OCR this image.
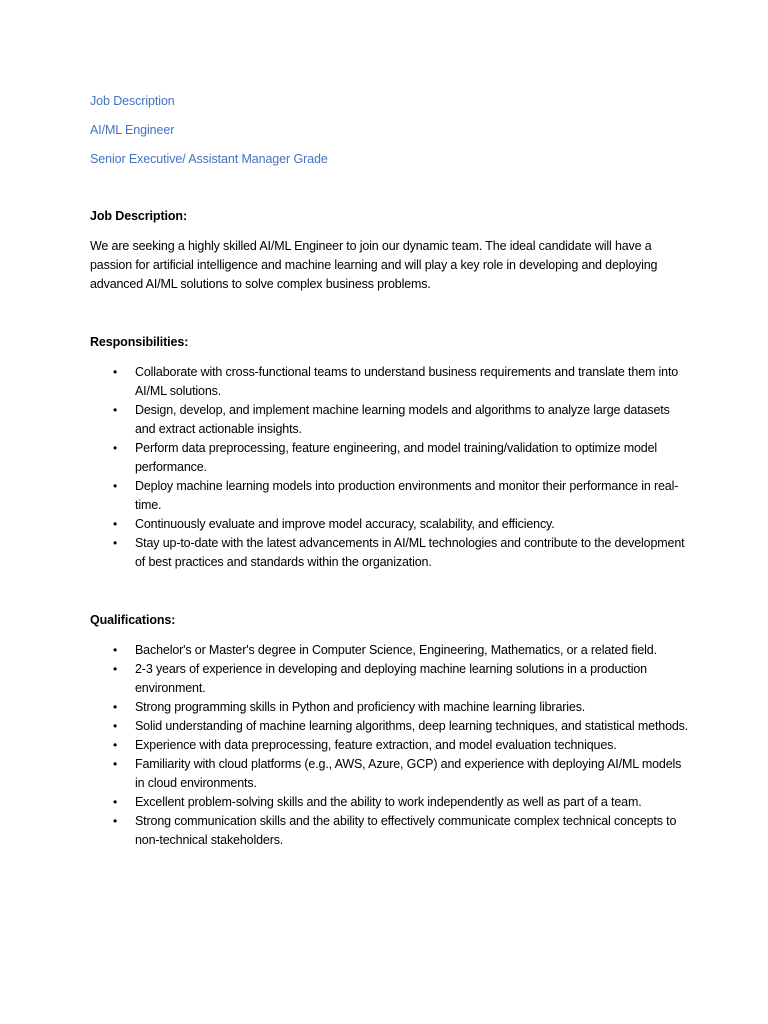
Job Description
AI/ML Engineer
Senior Executive/ Assistant Manager Grade
Job Description:
We are seeking a highly skilled AI/ML Engineer to join our dynamic team. The ideal candidate will have a passion for artificial intelligence and machine learning and will play a key role in developing and deploying advanced AI/ML solutions to solve complex business problems.
Responsibilities:
• Collaborate with cross-functional teams to understand business requirements and translate them into AI/ML solutions.
• Design, develop, and implement machine learning models and algorithms to analyze large datasets and extract actionable insights.
• Perform data preprocessing, feature engineering, and model training/validation to optimize model performance.
• Deploy machine learning models into production environments and monitor their performance in real-time.
• Continuously evaluate and improve model accuracy, scalability, and efficiency.
• Stay up-to-date with the latest advancements in AI/ML technologies and contribute to the development of best practices and standards within the organization.
Qualifications:
• Bachelor's or Master's degree in Computer Science, Engineering, Mathematics, or a related field.
• 2-3 years of experience in developing and deploying machine learning solutions in a production environment.
• Strong programming skills in Python and proficiency with machine learning libraries.
• Solid understanding of machine learning algorithms, deep learning techniques, and statistical methods.
• Experience with data preprocessing, feature extraction, and model evaluation techniques.
• Familiarity with cloud platforms (e.g., AWS, Azure, GCP) and experience with deploying AI/ML models in cloud environments.
• Excellent problem-solving skills and the ability to work independently as well as part of a team.
• Strong communication skills and the ability to effectively communicate complex technical concepts to non-technical stakeholders.
